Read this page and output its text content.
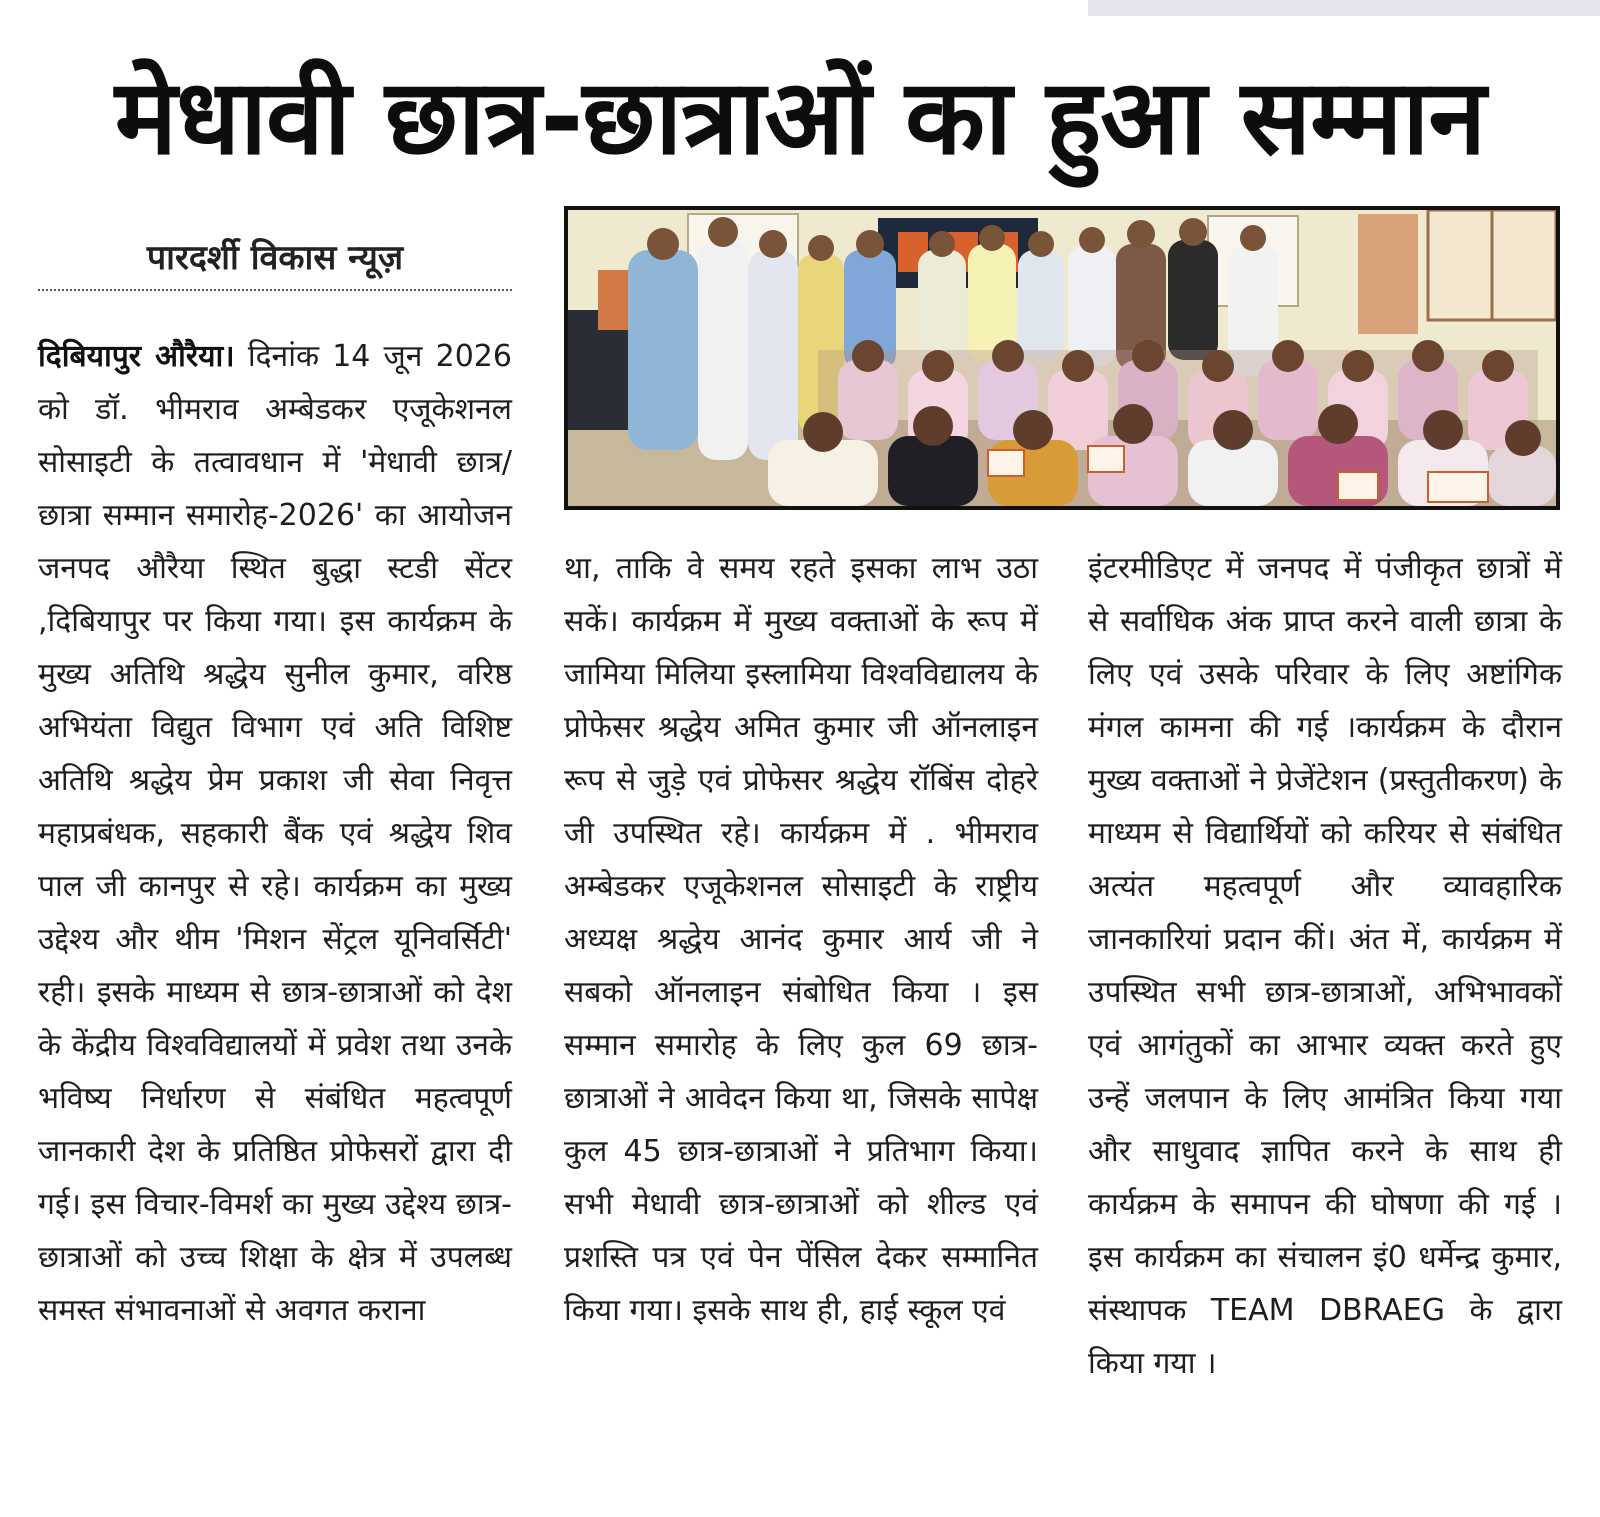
मेधावी छात्र-छात्राओं का हुआ सम्मान
पारदर्शी विकास न्यूज़

दिबियापुर औरैया। दिनांक 14 जून 2026 को डॉ. भीमराव अम्बेडकर एजूकेशनल सोसाइटी के तत्वावधान में 'मेधावी छात्र/छात्रा सम्मान समारोह-2026' का आयोजन जनपद औरैया स्थित बुद्धा स्टडी सेंटर ,दिबियापुर पर किया गया। इस कार्यक्रम के मुख्य अतिथि श्रद्धेय सुनील कुमार, वरिष्ठ अभियंता विद्युत विभाग एवं अति विशिष्ट अतिथि श्रद्धेय प्रेम प्रकाश जी सेवा निवृत्त महाप्रबंधक, सहकारी बैंक एवं श्रद्धेय शिव पाल जी कानपुर से रहे। कार्यक्रम का मुख्य उद्देश्य और थीम 'मिशन सेंट्रल यूनिवर्सिटी' रही। इसके माध्यम से छात्र-छात्राओं को देश के केंद्रीय विश्वविद्यालयों में प्रवेश तथा उनके भविष्य निर्धारण से संबंधित महत्वपूर्ण जानकारी देश के प्रतिष्ठित प्रोफेसरों द्वारा दी गई। इस विचार-विमर्श का मुख्य उद्देश्य छात्र-छात्राओं को उच्च शिक्षा के क्षेत्र में उपलब्ध समस्त संभावनाओं से अवगत कराना

था, ताकि वे समय रहते इसका लाभ उठा सकें। कार्यक्रम में मुख्य वक्ताओं के रूप में जामिया मिलिया इस्लामिया विश्वविद्यालय के प्रोफेसर श्रद्धेय अमित कुमार जी ऑनलाइन रूप से जुड़े एवं प्रोफेसर श्रद्धेय रॉबिंस दोहरे जी उपस्थित रहे। कार्यक्रम में . भीमराव अम्बेडकर एजूकेशनल सोसाइटी के राष्ट्रीय अध्यक्ष श्रद्धेय आनंद कुमार आर्य जी ने सबको ऑनलाइन संबोधित किया । इस सम्मान समारोह के लिए कुल 69 छात्र-छात्राओं ने आवेदन किया था, जिसके सापेक्ष कुल 45 छात्र-छात्राओं ने प्रतिभाग किया। सभी मेधावी छात्र-छात्राओं को शील्ड एवं प्रशस्ति पत्र एवं पेन पेंसिल देकर सम्मानित किया गया। इसके साथ ही, हाई स्कूल एवं

इंटरमीडिएट में जनपद में पंजीकृत छात्रों में से सर्वाधिक अंक प्राप्त करने वाली छात्रा के लिए एवं उसके परिवार के लिए अष्टांगिक मंगल कामना की गई ।कार्यक्रम के दौरान मुख्य वक्ताओं ने प्रेजेंटेशन (प्रस्तुतीकरण) के माध्यम से विद्यार्थियों को करियर से संबंधित अत्यंत महत्वपूर्ण और व्यावहारिक जानकारियां प्रदान कीं। अंत में, कार्यक्रम में उपस्थित सभी छात्र-छात्राओं, अभिभावकों एवं आगंतुकों का आभार व्यक्त करते हुए उन्हें जलपान के लिए आमंत्रित किया गया और साधुवाद ज्ञापित करने के साथ ही कार्यक्रम के समापन की घोषणा की गई । इस कार्यक्रम का संचालन इं0 धर्मेन्द्र कुमार, संस्थापक TEAM DBRAEG के द्वारा किया गया ।
